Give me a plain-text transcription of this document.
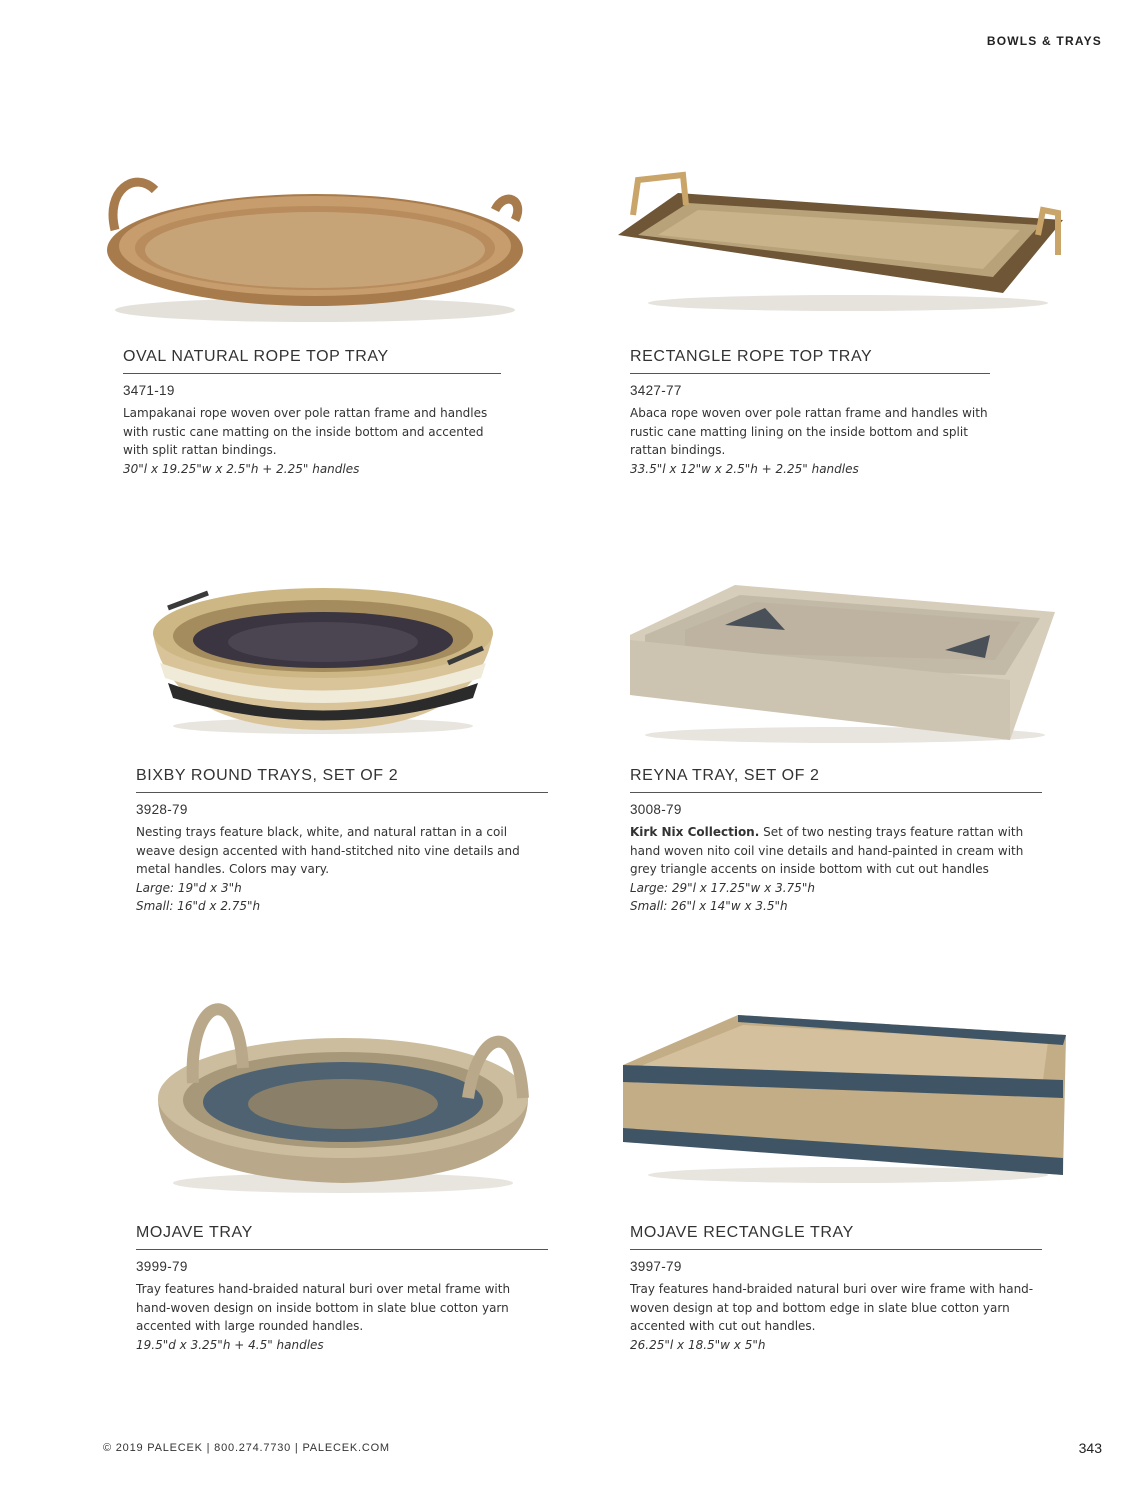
BOWLS & TRAYS
OVAL NATURAL ROPE TOP TRAY
3471-19
Lampakanai rope woven over pole rattan frame and handles with rustic cane matting on the inside bottom and accented with split rattan bindings.
30"l x 19.25"w x 2.5"h + 2.25" handles
RECTANGLE ROPE TOP TRAY
3427-77
Abaca rope woven over pole rattan frame and handles with rustic cane matting lining on the inside bottom and split rattan bindings.
33.5"l x 12"w x 2.5"h + 2.25" handles
BIXBY ROUND TRAYS, SET OF 2
3928-79
Nesting trays feature black, white, and natural rattan in a coil weave design accented with hand-stitched nito vine details and metal handles. Colors may vary.
Large: 19"d x 3"h
Small: 16"d x 2.75"h
REYNA TRAY, SET OF 2
3008-79
Kirk Nix Collection. Set of two nesting trays feature rattan with hand woven nito coil vine details and hand-painted in cream with grey triangle accents on inside bottom with cut out handles
Large: 29"l x 17.25"w x 3.75"h
Small: 26"l x 14"w x 3.5"h
MOJAVE TRAY
3999-79
Tray features hand-braided natural buri over metal frame with hand-woven design on inside bottom in slate blue cotton yarn accented with large rounded handles.
19.5"d x 3.25"h + 4.5" handles
MOJAVE RECTANGLE TRAY
3997-79
Tray features hand-braided natural buri over wire frame with hand-woven design at top and bottom edge in slate blue cotton yarn accented with cut out handles.
26.25"l x 18.5"w x 5"h
© 2019 PALECEK | 800.274.7730 | PALECEK.COM	343
